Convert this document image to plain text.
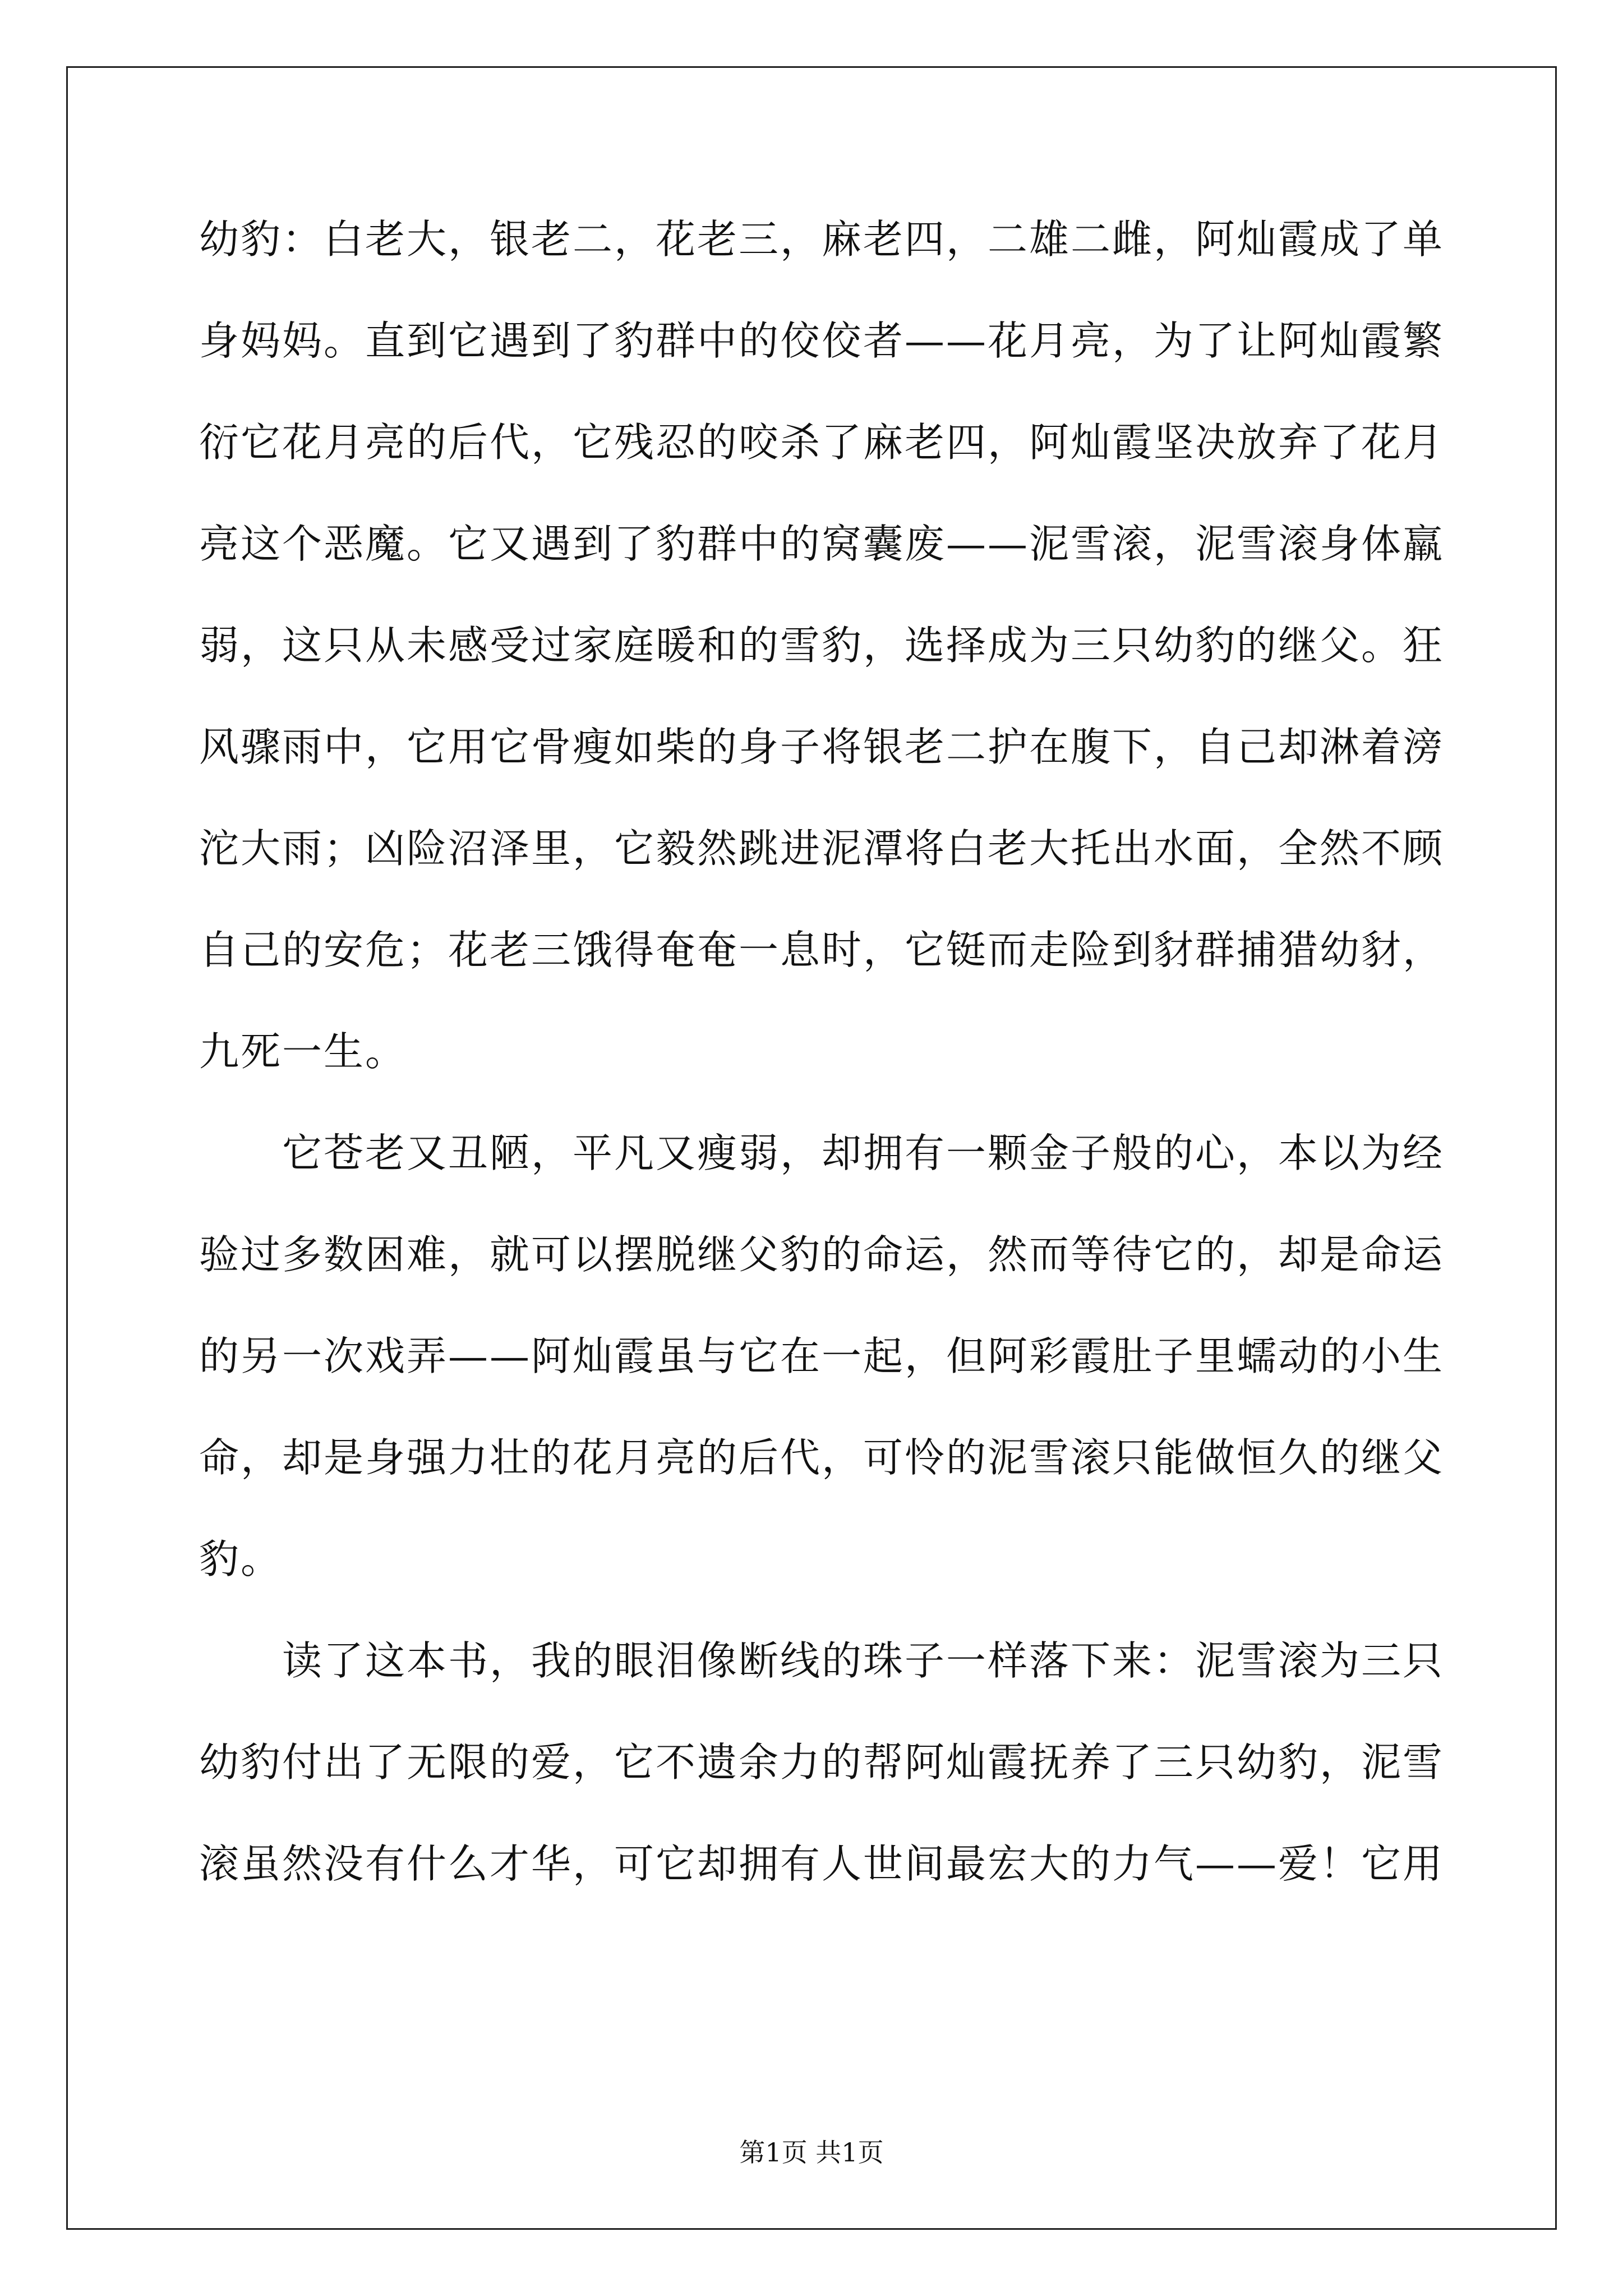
幼豹：白老大，银老二，花老三，麻老四，二雄二雌，阿灿霞成了单
身妈妈。直到它遇到了豹群中的佼佼者——花月亮，为了让阿灿霞繁
衍它花月亮的后代，它残忍的咬杀了麻老四，阿灿霞坚决放弃了花月
亮这个恶魔。它又遇到了豹群中的窝囊废——泥雪滚，泥雪滚身体羸
弱，这只从未感受过家庭暖和的雪豹，选择成为三只幼豹的继父。狂
风骤雨中，它用它骨瘦如柴的身子将银老二护在腹下，自己却淋着滂
沱大雨；凶险沼泽里，它毅然跳进泥潭将白老大托出水面，全然不顾
自己的安危；花老三饿得奄奄一息时，它铤而走险到豺群捕猎幼豺，
九死一生。
它苍老又丑陋，平凡又瘦弱，却拥有一颗金子般的心，本以为经
验过多数困难，就可以摆脱继父豹的命运，然而等待它的，却是命运
的另一次戏弄——阿灿霞虽与它在一起，但阿彩霞肚子里蠕动的小生
命，却是身强力壮的花月亮的后代，可怜的泥雪滚只能做恒久的继父
豹。
读了这本书，我的眼泪像断线的珠子一样落下来：泥雪滚为三只
幼豹付出了无限的爱，它不遗余力的帮阿灿霞抚养了三只幼豹，泥雪
滚虽然没有什么才华，可它却拥有人世间最宏大的力气——爱！它用
第1页 共1页
